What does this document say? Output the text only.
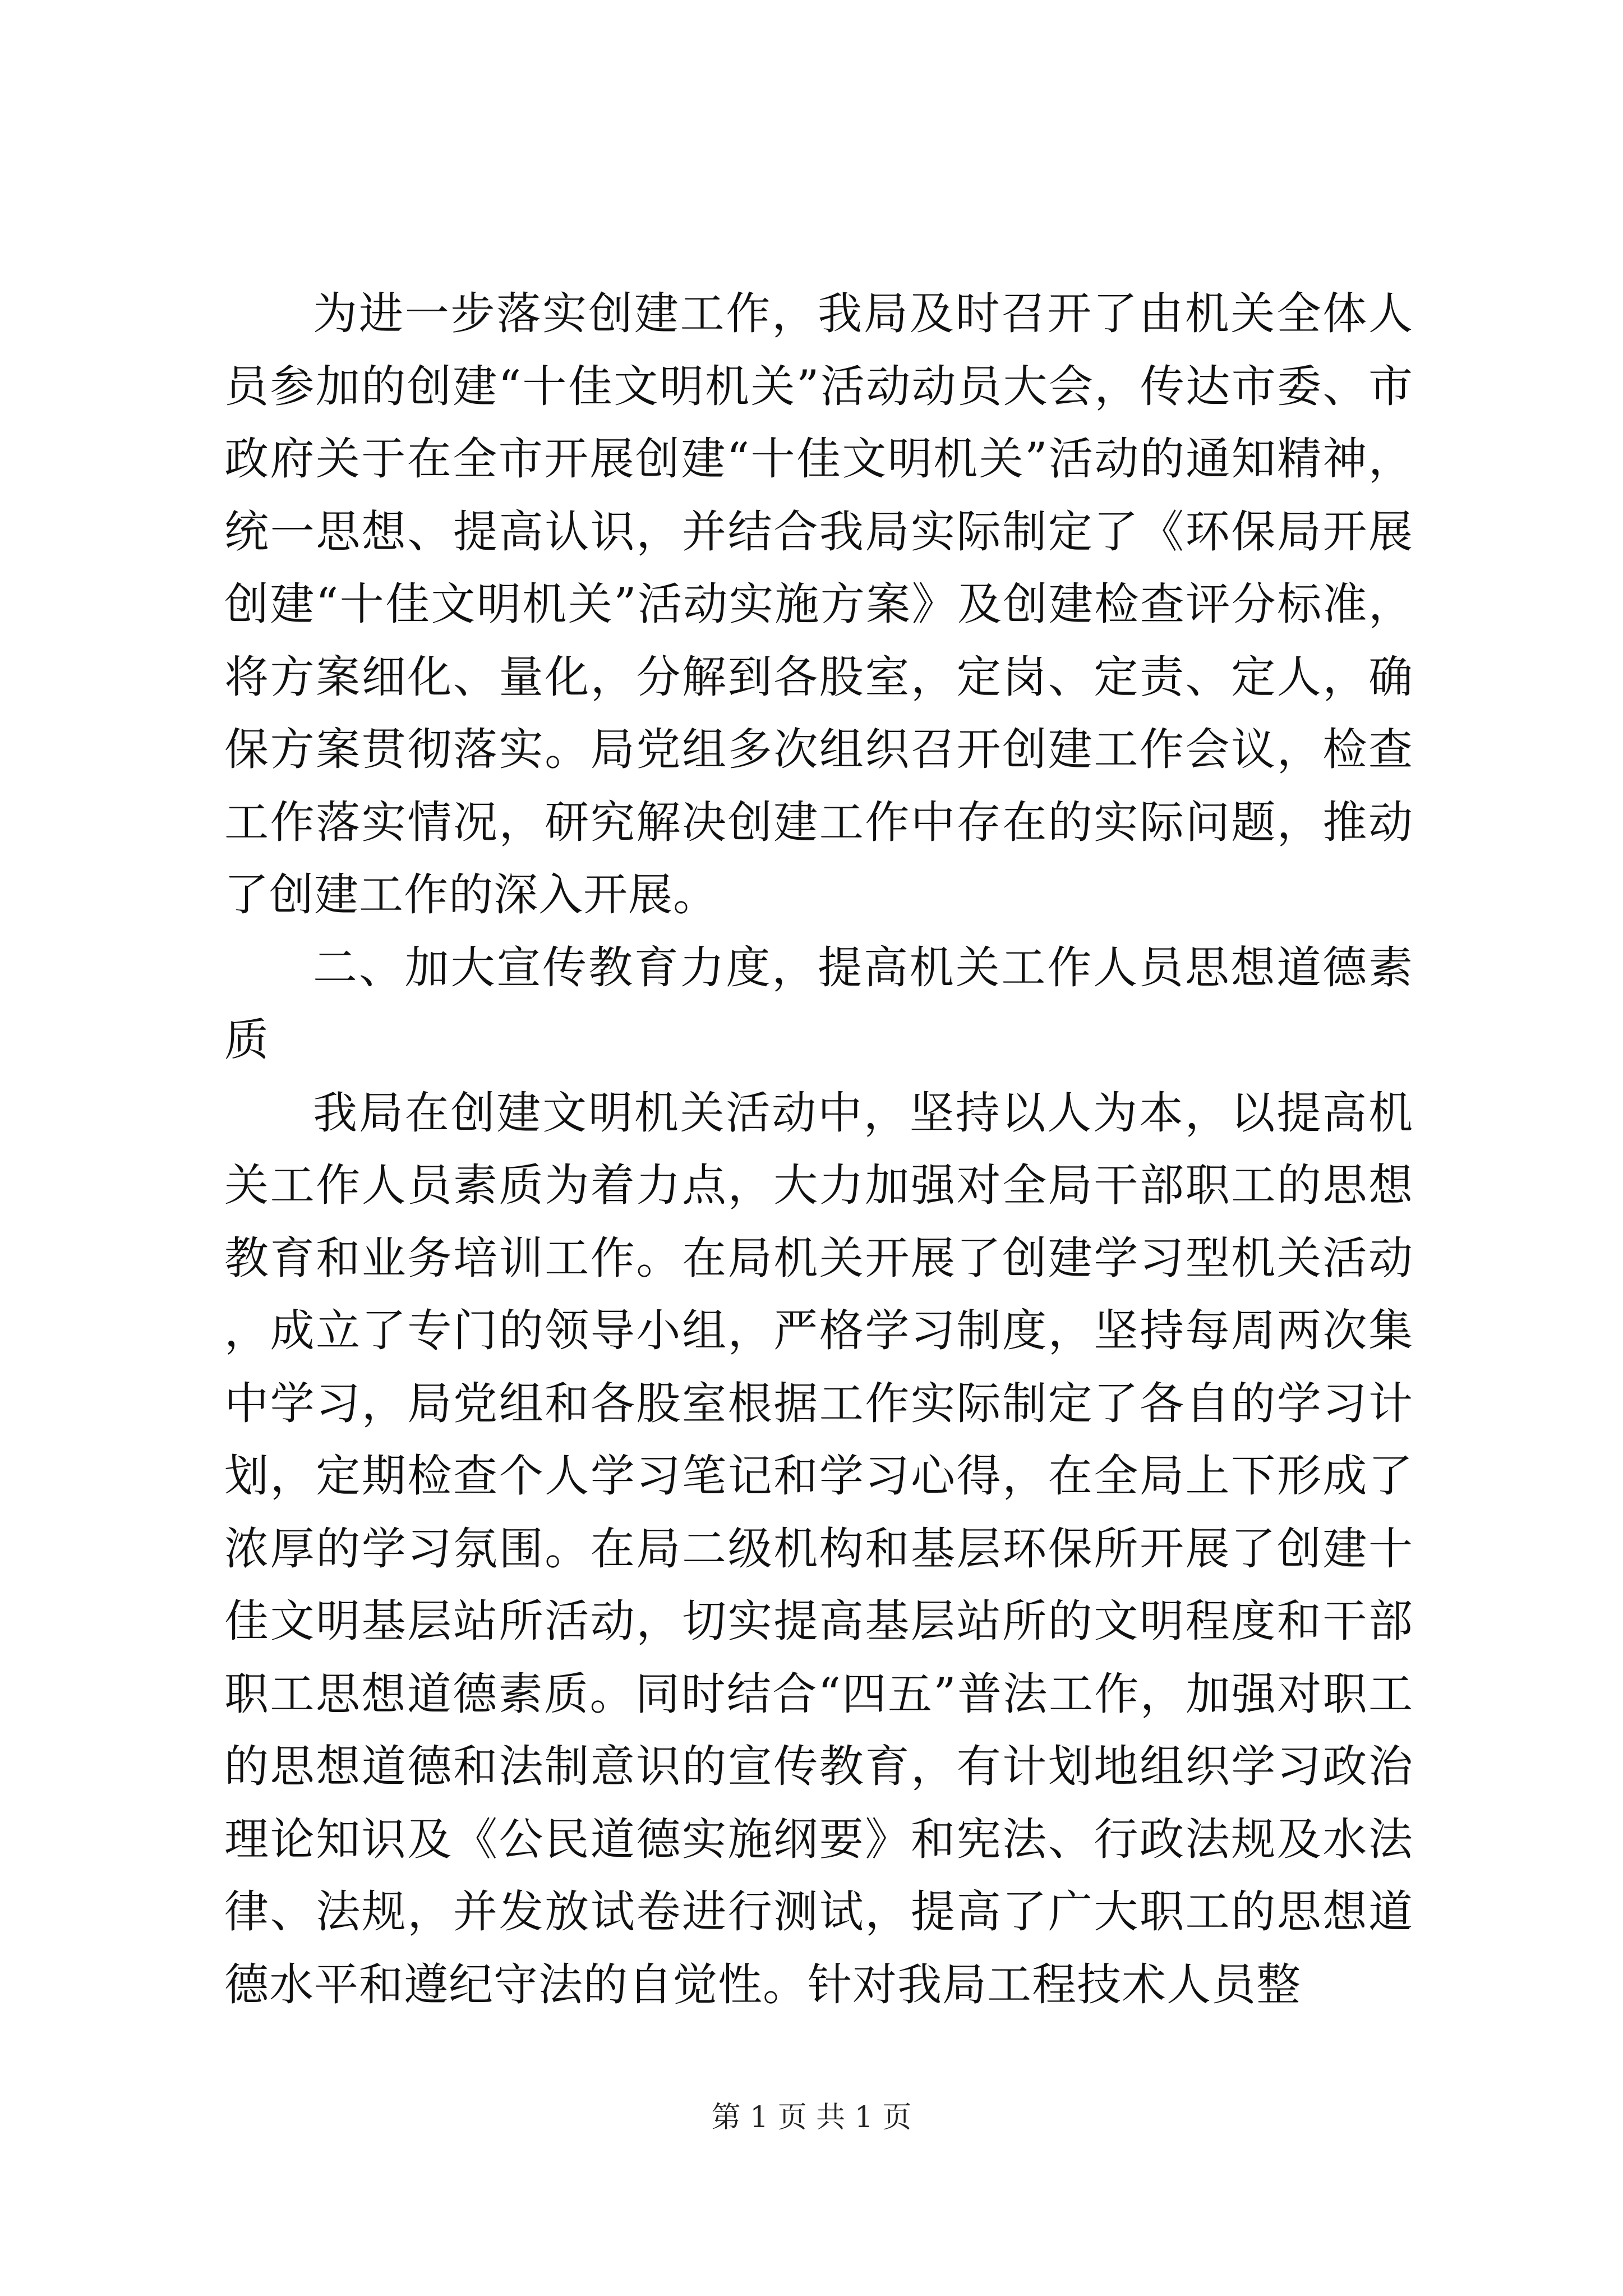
为进一步落实创建工作，我局及时召开了由机关全体人员参加的创建“十佳文明机关”活动动员大会，传达市委、市政府关于在全市开展创建“十佳文明机关”活动的通知精神，统一思想、提高认识，并结合我局实际制定了《环保局开展创建“十佳文明机关”活动实施方案》及创建检查评分标准，将方案细化、量化，分解到各股室，定岗、定责、定人，确保方案贯彻落实。局党组多次组织召开创建工作会议，检查工作落实情况，研究解决创建工作中存在的实际问题，推动了创建工作的深入开展。

二、加大宣传教育力度，提高机关工作人员思想道德素质

我局在创建文明机关活动中，坚持以人为本，以提高机关工作人员素质为着力点，大力加强对全局干部职工的思想教育和业务培训工作。在局机关开展了创建学习型机关活动，成立了专门的领导小组，严格学习制度，坚持每周两次集中学习，局党组和各股室根据工作实际制定了各自的学习计划，定期检查个人学习笔记和学习心得，在全局上下形成了浓厚的学习氛围。在局二级机构和基层环保所开展了创建十佳文明基层站所活动，切实提高基层站所的文明程度和干部职工思想道德素质。同时结合“四五”普法工作，加强对职工的思想道德和法制意识的宣传教育，有计划地组织学习政治理论知识及《公民道德实施纲要》和宪法、行政法规及水法律、法规，并发放试卷进行测试，提高了广大职工的思想道德水平和遵纪守法的自觉性。针对我局工程技术人员整

第 1 页 共 1 页
